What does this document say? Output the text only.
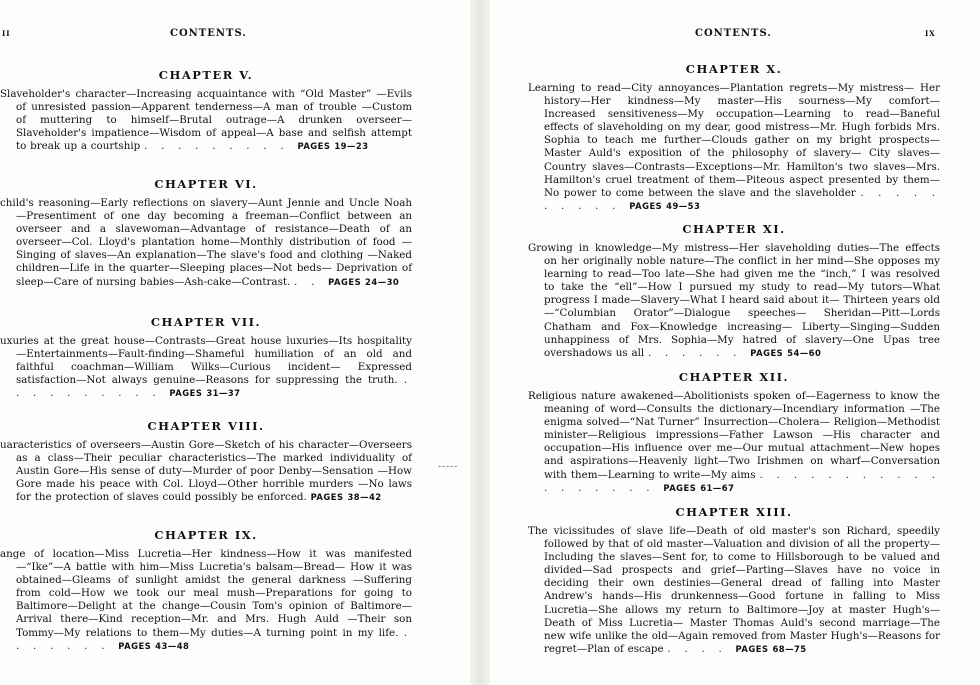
ii	CONTENTS.
CHAPTER V.
Slaveholder's character—Increasing acquaintance with “Old Master” —Evils of unresisted passion—Apparent tenderness—A man of trouble —Custom of muttering to himself—Brutal outrage—A drunken overseer—Slaveholder's impatience—Wisdom of appeal—A base and selfish attempt to break up a courtship . . . . . . . . . PAGES 19—23
CHAPTER VI.
child's reasoning—Early reflections on slavery—Aunt Jennie and Uncle Noah—Presentiment of one day becoming a freeman—Conflict between an overseer and a slavewoman—Advantage of resistance—Death of an overseer—Col. Lloyd's plantation home—Monthly distribution of food —Singing of slaves—An explanation—The slave's food and clothing —Naked children—Life in the quarter—Sleeping places—Not beds— Deprivation of sleep—Care of nursing babies—Ash-cake—Contrast. . . PAGES 24—30
CHAPTER VII.
uxuries at the great house—Contrasts—Great house luxuries—Its hospitality—Entertainments—Fault-finding—Shameful humiliation of an old and faithful coachman—William Wilks—Curious incident— Expressed satisfaction—Not always genuine—Reasons for suppressing the truth. . . . . . . . . . . PAGES 31—37
CHAPTER VIII.
uaracteristics of overseers—Austin Gore—Sketch of his character—Overseers as a class—Their peculiar characteristics—The marked individuality of Austin Gore—His sense of duty—Murder of poor Denby—Sensation —How Gore made his peace with Col. Lloyd—Other horrible murders —No laws for the protection of slaves could possibly be enforced. PAGES 38—42
CHAPTER IX.
ange of location—Miss Lucretia—Her kindness—How it was manifested—“Ike”—A battle with him—Miss Lucretia's balsam—Bread— How it was obtained—Gleams of sunlight amidst the general darkness —Suffering from cold—How we took our meal mush—Preparations for going to Baltimore—Delight at the change—Cousin Tom's opinion of Baltimore—Arrival there—Kind reception—Mr. and Mrs. Hugh Auld —Their son Tommy—My relations to them—My duties—A turning point in my life. . . . . . . . PAGES 43—48
-----
CONTENTS.	ix
CHAPTER X.
Learning to read—City annoyances—Plantation regrets—My mistress— Her history—Her kindness—My master—His sourness—My comfort— Increased sensitiveness—My occupation—Learning to read—Baneful effects of slaveholding on my dear, good mistress—Mr. Hugh forbids Mrs. Sophia to teach me further—Clouds gather on my bright prospects—Master Auld's exposition of the philosophy of slavery— City slaves—Country slaves—Contrasts—Exceptions—Mr. Hamilton's two slaves—Mrs. Hamilton's cruel treatment of them—Piteous aspect presented by them—No power to come between the slave and the slaveholder . . . . . . . . . . PAGES 49—53
CHAPTER XI.
Growing in knowledge—My mistress—Her slaveholding duties—The effects on her originally noble nature—The conflict in her mind—She opposes my learning to read—Too late—She had given me the “inch,” I was resolved to take the “ell”—How I pursued my study to read—My tutors—What progress I made—Slavery—What I heard said about it— Thirteen years old—“Columbian Orator”—Dialogue speeches— Sheridan—Pitt—Lords Chatham and Fox—Knowledge increasing— Liberty—Singing—Sudden unhappiness of Mrs. Sophia—My hatred of slavery—One Upas tree overshadows us all . . . . . . PAGES 54—60
CHAPTER XII.
Religious nature awakened—Abolitionists spoken of—Eagerness to know the meaning of word—Consults the dictionary—Incendiary information —The enigma solved—“Nat Turner” Insurrection—Cholera— Religion—Methodist minister—Religious impressions—Father Lawson —His character and occupation—His influence over me—Our mutual attachment—New hopes and aspirations—Heavenly light—Two Irishmen on wharf—Conversation with them—Learning to write—My aims . . . . . . . . . . . . . . . . . . PAGES 61—67
CHAPTER XIII.
The vicissitudes of slave life—Death of old master's son Richard, speedily followed by that of old master—Valuation and division of all the property—Including the slaves—Sent for, to come to Hillsborough to be valued and divided—Sad prospects and grief—Parting—Slaves have no voice in deciding their own destinies—General dread of falling into Master Andrew's hands—His drunkenness—Good fortune in falling to Miss Lucretia—She allows my return to Baltimore—Joy at master Hugh's—Death of Miss Lucretia— Master Thomas Auld's second marriage—The new wife unlike the old—Again removed from Master Hugh's—Reasons for regret—Plan of escape . . . . PAGES 68—75
